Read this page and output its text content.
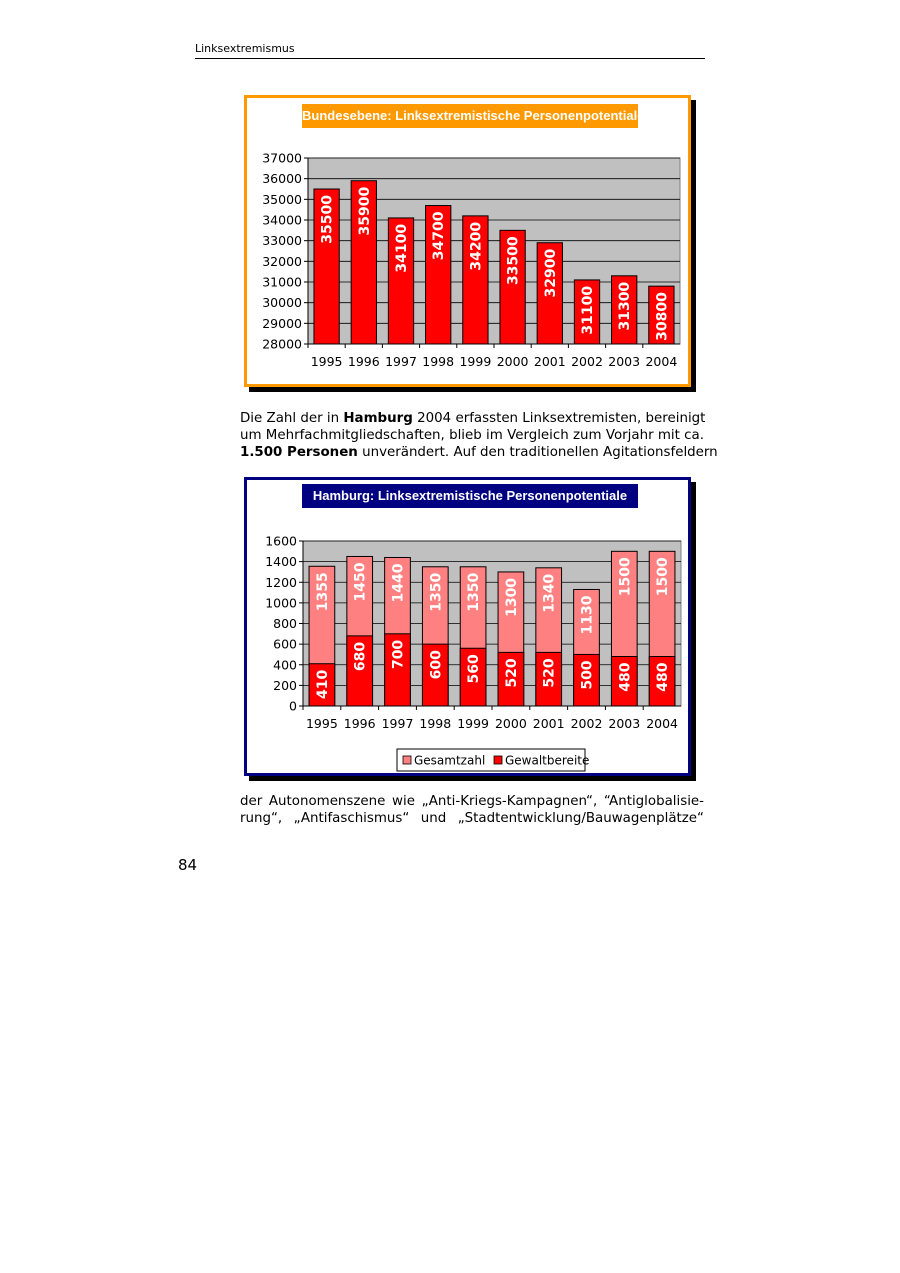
Linksextremismus
Bundesebene: Linksextremistische Personenpotentiale
28000
29000
30000
31000
32000
33000
34000
35000
36000
37000
1995
35500
1996
35900
1997
34100
1998
34700
1999
34200
2000
33500
2001
32900
2002
31100
2003
31300
2004
30800
Die Zahl der in Hamburg 2004 erfassten Linksextremisten, bereinigt
um Mehrfachmitgliedschaften, blieb im Vergleich zum Vorjahr mit ca.
1.500 Personen unverändert. Auf den traditionellen Agitationsfeldern
Hamburg: Linksextremistische Personenpotentiale
0
200
400
600
800
1000
1200
1400
1600
1995
1355
410
1996
1450
680
1997
1440
700
1998
1350
600
1999
1350
560
2000
1300
520
2001
1340
520
2002
1130
500
2003
1500
480
2004
1500
480
Gesamtzahl Gewaltbereite
der Autonomenszene wie „Anti-Kriegs-Kampagnen“, “Antiglobalisie-
rung“, „Antifaschismus“ und „Stadtentwicklung/Bauwagenplätze“
84
